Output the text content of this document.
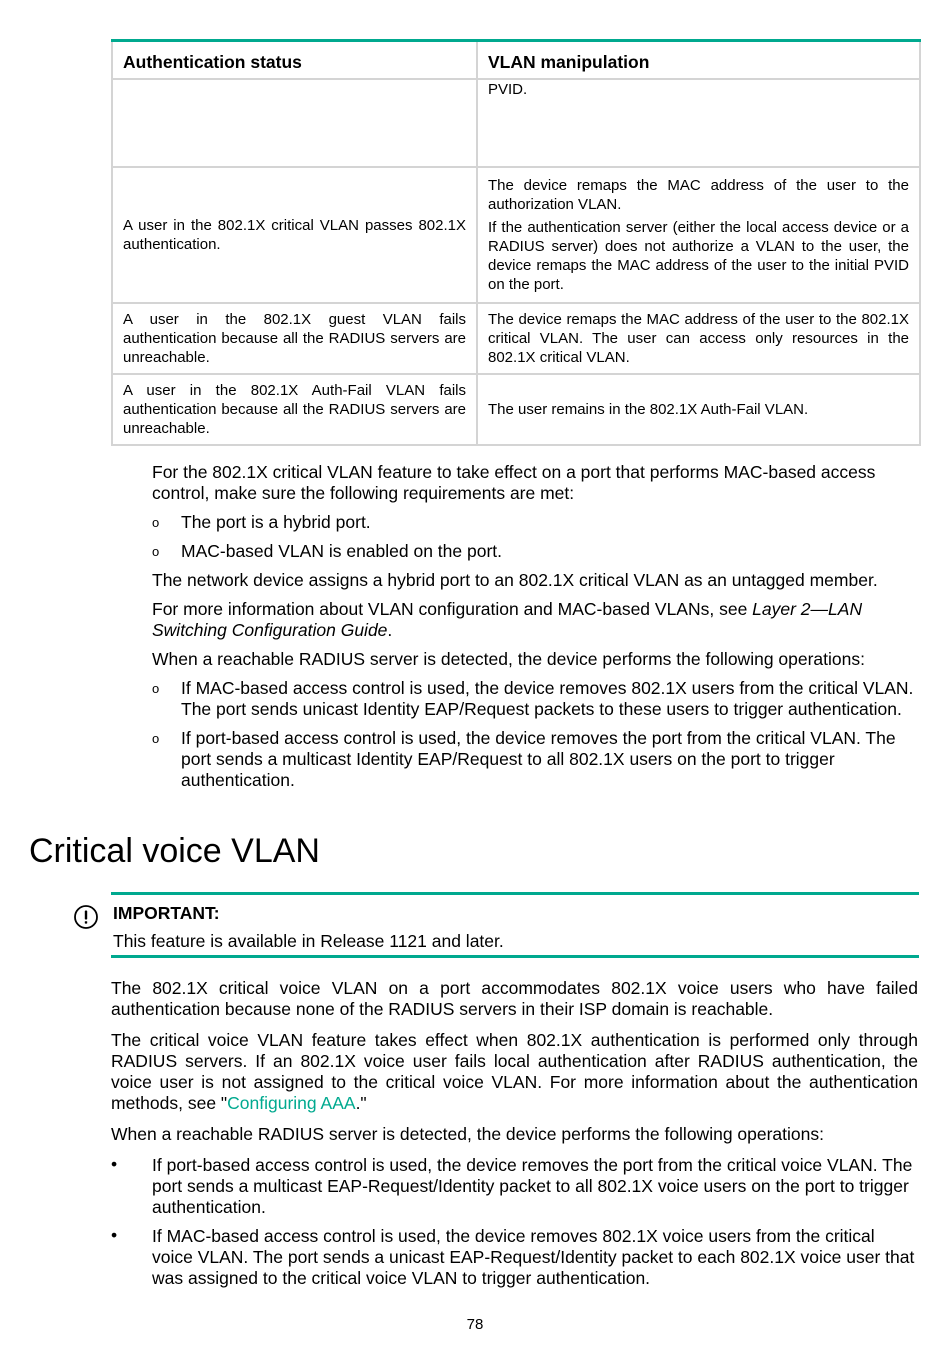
Authentication status	VLAN manipulation

	PVID.

A user in the 802.1X critical VLAN passes 802.1X authentication.	The device remaps the MAC address of the user to the authorization VLAN.

If the authentication server (either the local access device or a RADIUS server) does not authorize a VLAN to the user, the device remaps the MAC address of the user to the initial PVID on the port.

A user in the 802.1X guest VLAN fails authentication because all the RADIUS servers are unreachable.	The device remaps the MAC address of the user to the 802.1X critical VLAN. The user can access only resources in the 802.1X critical VLAN.

A user in the 802.1X Auth-Fail VLAN fails authentication because all the RADIUS servers are unreachable.	The user remains in the 802.1X Auth-Fail VLAN.

For the 802.1X critical VLAN feature to take effect on a port that performs MAC-based access control, make sure the following requirements are met:

o The port is a hybrid port.
o MAC-based VLAN is enabled on the port.

The network device assigns a hybrid port to an 802.1X critical VLAN as an untagged member.

For more information about VLAN configuration and MAC-based VLANs, see Layer 2—LAN Switching Configuration Guide.

When a reachable RADIUS server is detected, the device performs the following operations:

o If MAC-based access control is used, the device removes 802.1X users from the critical VLAN. The port sends unicast Identity EAP/Request packets to these users to trigger authentication.
o If port-based access control is used, the device removes the port from the critical VLAN. The port sends a multicast Identity EAP/Request to all 802.1X users on the port to trigger authentication.
Critical voice VLAN

IMPORTANT:

This feature is available in Release 1121 and later.

The 802.1X critical voice VLAN on a port accommodates 802.1X voice users who have failed authentication because none of the RADIUS servers in their ISP domain is reachable.

The critical voice VLAN feature takes effect when 802.1X authentication is performed only through RADIUS servers. If an 802.1X voice user fails local authentication after RADIUS authentication, the voice user is not assigned to the critical voice VLAN. For more information about the authentication methods, see "Configuring AAA."

When a reachable RADIUS server is detected, the device performs the following operations:

• If port-based access control is used, the device removes the port from the critical voice VLAN. The port sends a multicast EAP-Request/Identity packet to all 802.1X voice users on the port to trigger authentication.
• If MAC-based access control is used, the device removes 802.1X voice users from the critical voice VLAN. The port sends a unicast EAP-Request/Identity packet to each 802.1X voice user that was assigned to the critical voice VLAN to trigger authentication.
78
